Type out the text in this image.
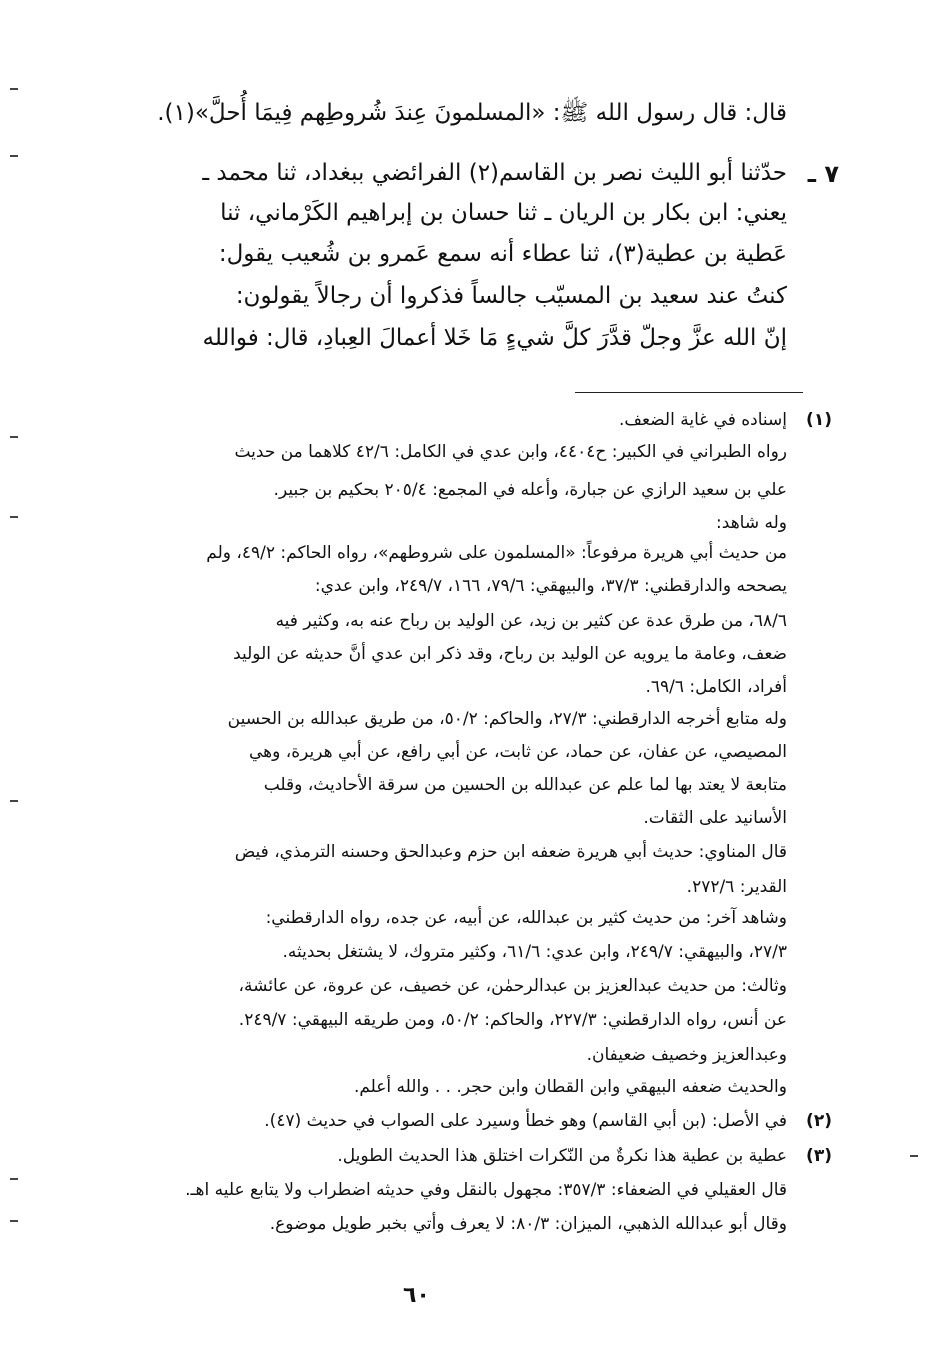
قال: قال رسول الله ﷺ: «المسلمونَ عِندَ شُروطِهم فِيمَا أُحلَّ»(١).
٧ ـ
حدّثنا أبو الليث نصر بن القاسم(٢) الفرائضي ببغداد، ثنا محمد ـ
يعني: ابن بكار بن الريان ـ ثنا حسان بن إبراهيم الكَرْماني، ثنا
عَطية بن عطية(٣)، ثنا عطاء أنه سمع عَمرو بن شُعيب يقول:
كنتُ عند سعيد بن المسيّب جالساً فذكروا أن رجالاً يقولون:
إنّ الله عزَّ وجلّ قدَّرَ كلَّ شيءٍ مَا خَلا أعمالَ العِبادِ، قال: فوالله
(١)
إسناده في غاية الضعف.
رواه الطبراني في الكبير: ح٤٤٠٤، وابن عدي في الكامل: ٤٢/٦ كلاهما من حديث
علي بن سعيد الرازي عن جبارة، وأعله في المجمع: ٢٠٥/٤ بحكيم بن جبير.
وله شاهد:
من حديث أبي هريرة مرفوعاً: «المسلمون على شروطهم»، رواه الحاكم: ٤٩/٢، ولم
يصححه والدارقطني: ٣٧/٣، والبيهقي: ٧٩/٦، ١٦٦، ٢٤٩/٧، وابن عدي:
٦٨/٦، من طرق عدة عن كثير بن زيد، عن الوليد بن رباح عنه به، وكثير فيه
ضعف، وعامة ما يرويه عن الوليد بن رباح، وقد ذكر ابن عدي أنَّ حديثه عن الوليد
أفراد، الكامل: ٦٩/٦.
وله متابع أخرجه الدارقطني: ٢٧/٣، والحاكم: ٥٠/٢، من طريق عبدالله بن الحسين
المصيصي، عن عفان، عن حماد، عن ثابت، عن أبي رافع، عن أبي هريرة، وهي
متابعة لا يعتد بها لما علم عن عبدالله بن الحسين من سرقة الأحاديث، وقلب
الأسانيد على الثقات.
قال المناوي: حديث أبي هريرة ضعفه ابن حزم وعبدالحق وحسنه الترمذي، فيض
القدير: ٢٧٢/٦.
وشاهد آخر: من حديث كثير بن عبدالله، عن أبيه، عن جده، رواه الدارقطني:
٢٧/٣، والبيهقي: ٢٤٩/٧، وابن عدي: ٦١/٦، وكثير متروك، لا يشتغل بحديثه.
وثالث: من حديث عبدالعزيز بن عبدالرحمٰن، عن خصيف، عن عروة، عن عائشة،
عن أنس، رواه الدارقطني: ٢٢٧/٣، والحاكم: ٥٠/٢، ومن طريقه البيهقي: ٢٤٩/٧.
وعبدالعزيز وخصيف ضعيفان.
والحديث ضعفه البيهقي وابن القطان وابن حجر. . . والله أعلم.
(٢)
في الأصل: (بن أبي القاسم) وهو خطأ وسيرد على الصواب في حديث (٤٧).
(٣)
عطية بن عطية هذا نكرةٌ من النّكرات اختلق هذا الحديث الطويل.
قال العقيلي في الضعفاء: ٣٥٧/٣: مجهول بالنقل وفي حديثه اضطراب ولا يتابع عليه اهـ.
وقال أبو عبدالله الذهبي، الميزان: ٨٠/٣: لا يعرف وأتي بخبر طويل موضوع.
٦٠
